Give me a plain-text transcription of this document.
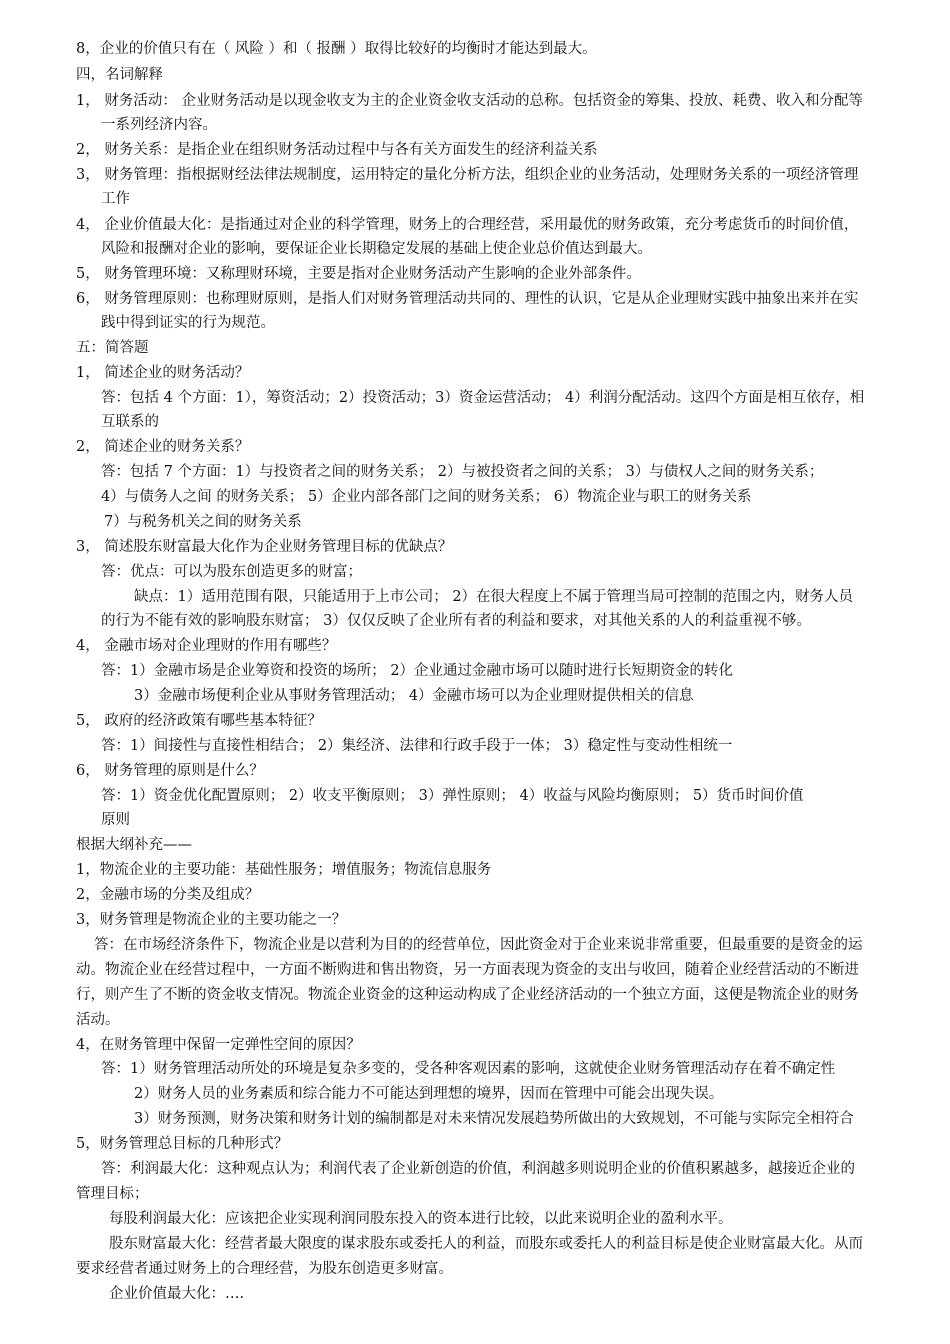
8，企业的价值只有在（ 风险 ）和（ 报酬 ）取得比较好的均衡时才能达到最大。
四，名词解释
1， 财务活动： 企业财务活动是以现金收支为主的企业资金收支活动的总称。包括资金的筹集、投放、耗费、收入和分配等
一系列经济内容。
2， 财务关系：是指企业在组织财务活动过程中与各有关方面发生的经济利益关系
3， 财务管理：指根据财经法律法规制度，运用特定的量化分析方法，组织企业的业务活动，处理财务关系的一项经济管理
工作
4， 企业价值最大化：是指通过对企业的科学管理，财务上的合理经营，采用最优的财务政策，充分考虑货币的时间价值，
风险和报酬对企业的影响，要保证企业长期稳定发展的基础上使企业总价值达到最大。
5， 财务管理环境：又称理财环境，主要是指对企业财务活动产生影响的企业外部条件。
6， 财务管理原则：也称理财原则，是指人们对财务管理活动共同的、理性的认识，它是从企业理财实践中抽象出来并在实
践中得到证实的行为规范。
五：简答题
1， 简述企业的财务活动？
答：包括 4 个方面：1），筹资活动；2）投资活动；3）资金运营活动； 4）利润分配活动。这四个方面是相互依存，相
互联系的
2， 简述企业的财务关系？
答：包括 7 个方面：1）与投资者之间的财务关系； 2）与被投资者之间的关系； 3）与债权人之间的财务关系；
4）与债务人之间 的财务关系； 5）企业内部各部门之间的财务关系； 6）物流企业与职工的财务关系
7）与税务机关之间的财务关系
3， 简述股东财富最大化作为企业财务管理目标的优缺点？
答：优点：可以为股东创造更多的财富；
缺点：1）适用范围有限，只能适用于上市公司； 2）在很大程度上不属于管理当局可控制的范围之内，财务人员
的行为不能有效的影响股东财富； 3）仅仅反映了企业所有者的利益和要求，对其他关系的人的利益重视不够。
4， 金融市场对企业理财的作用有哪些？
答：1）金融市场是企业筹资和投资的场所； 2）企业通过金融市场可以随时进行长短期资金的转化
3）金融市场便利企业从事财务管理活动； 4）金融市场可以为企业理财提供相关的信息
5， 政府的经济政策有哪些基本特征？
答：1）间接性与直接性相结合； 2）集经济、法律和行政手段于一体； 3）稳定性与变动性相统一
6， 财务管理的原则是什么？
答：1）资金优化配置原则； 2）收支平衡原则； 3）弹性原则； 4）收益与风险均衡原则； 5）货币时间价值
原则
根据大纲补充——
1，物流企业的主要功能：基础性服务；增值服务；物流信息服务
2，金融市场的分类及组成？
3，财务管理是物流企业的主要功能之一？
答：在市场经济条件下，物流企业是以营利为目的的经营单位，因此资金对于企业来说非常重要，但最重要的是资金的运
动。物流企业在经营过程中，一方面不断购进和售出物资，另一方面表现为资金的支出与收回，随着企业经营活动的不断进
行，则产生了不断的资金收支情况。物流企业资金的这种运动构成了企业经济活动的一个独立方面，这便是物流企业的财务
活动。
4，在财务管理中保留一定弹性空间的原因？
答：1）财务管理活动所处的环境是复杂多变的，受各种客观因素的影响，这就使企业财务管理活动存在着不确定性
2）财务人员的业务素质和综合能力不可能达到理想的境界，因而在管理中可能会出现失误。
3）财务预测，财务决策和财务计划的编制都是对未来情况发展趋势所做出的大致规划，不可能与实际完全相符合
5，财务管理总目标的几种形式？
答：利润最大化：这种观点认为；利润代表了企业新创造的价值，利润越多则说明企业的价值积累越多，越接近企业的
管理目标；
每股利润最大化：应该把企业实现利润同股东投入的资本进行比较，以此来说明企业的盈利水平。
股东财富最大化：经营者最大限度的谋求股东或委托人的利益，而股东或委托人的利益目标是使企业财富最大化。从而
要求经营者通过财务上的合理经营，为股东创造更多财富。
企业价值最大化：….
